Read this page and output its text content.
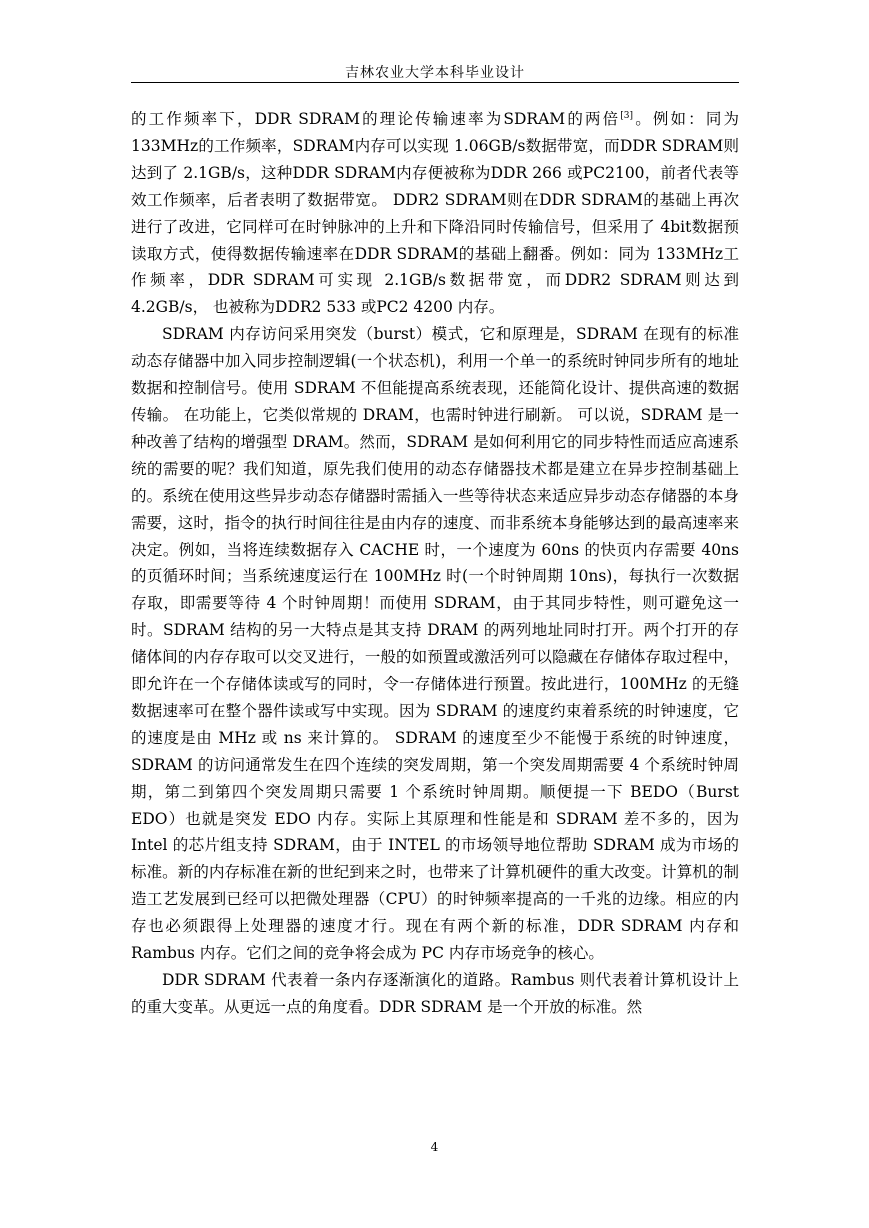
吉林农业大学本科毕业设计

的工作频率下，DDR SDRAM的理论传输速率为SDRAM的两倍[3]。例如：同为133MHz的工作频率，SDRAM内存可以实现 1.06GB/s数据带宽，而DDR SDRAM则达到了 2.1GB/s，这种DDR SDRAM内存便被称为DDR 266 或PC2100，前者代表等效工作频率，后者表明了数据带宽。 DDR2 SDRAM则在DDR SDRAM的基础上再次进行了改进，它同样可在时钟脉冲的上升和下降沿同时传输信号，但采用了 4bit数据预读取方式，使得数据传输速率在DDR SDRAM的基础上翻番。例如：同为 133MHz工作频率，DDR SDRAM可实现 2.1GB/s数据带宽，而DDR2 SDRAM则达到 4.2GB/s， 也被称为DDR2 533 或PC2 4200 内存。

SDRAM 内存访问采用突发（burst）模式，它和原理是，SDRAM 在现有的标准动态存储器中加入同步控制逻辑(一个状态机)，利用一个单一的系统时钟同步所有的地址数据和控制信号。使用 SDRAM 不但能提高系统表现，还能简化设计、提供高速的数据传输。 在功能上，它类似常规的 DRAM，也需时钟进行刷新。 可以说，SDRAM 是一种改善了结构的增强型 DRAM。然而，SDRAM 是如何利用它的同步特性而适应高速系统的需要的呢？我们知道，原先我们使用的动态存储器技术都是建立在异步控制基础上的。系统在使用这些异步动态存储器时需插入一些等待状态来适应异步动态存储器的本身需要，这时，指令的执行时间往往是由内存的速度、而非系统本身能够达到的最高速率来决定。例如，当将连续数据存入 CACHE 时，一个速度为 60ns 的快页内存需要 40ns 的页循环时间；当系统速度运行在 100MHz 时(一个时钟周期 10ns)，每执行一次数据存取，即需要等待 4 个时钟周期！而使用 SDRAM，由于其同步特性，则可避免这一时。SDRAM 结构的另一大特点是其支持 DRAM 的两列地址同时打开。两个打开的存储体间的内存存取可以交叉进行，一般的如预置或激活列可以隐藏在存储体存取过程中，即允许在一个存储体读或写的同时，令一存储体进行预置。按此进行，100MHz 的无缝数据速率可在整个器件读或写中实现。因为 SDRAM 的速度约束着系统的时钟速度，它的速度是由 MHz 或 ns 来计算的。 SDRAM 的速度至少不能慢于系统的时钟速度，SDRAM 的访问通常发生在四个连续的突发周期，第一个突发周期需要 4 个系统时钟周期，第二到第四个突发周期只需要 1 个系统时钟周期。顺便提一下 BEDO（Burst EDO）也就是突发 EDO 内存。实际上其原理和性能是和 SDRAM 差不多的，因为 Intel 的芯片组支持 SDRAM，由于 INTEL 的市场领导地位帮助 SDRAM 成为市场的标准。新的内存标准在新的世纪到来之时，也带来了计算机硬件的重大改变。计算机的制造工艺发展到已经可以把微处理器（CPU）的时钟频率提高的一千兆的边缘。相应的内存也必须跟得上处理器的速度才行。现在有两个新的标准，DDR SDRAM 内存和 Rambus 内存。它们之间的竞争将会成为 PC 内存市场竞争的核心。

DDR SDRAM 代表着一条内存逐渐演化的道路。Rambus 则代表着计算机设计上的重大变革。从更远一点的角度看。DDR SDRAM 是一个开放的标准。然

4
